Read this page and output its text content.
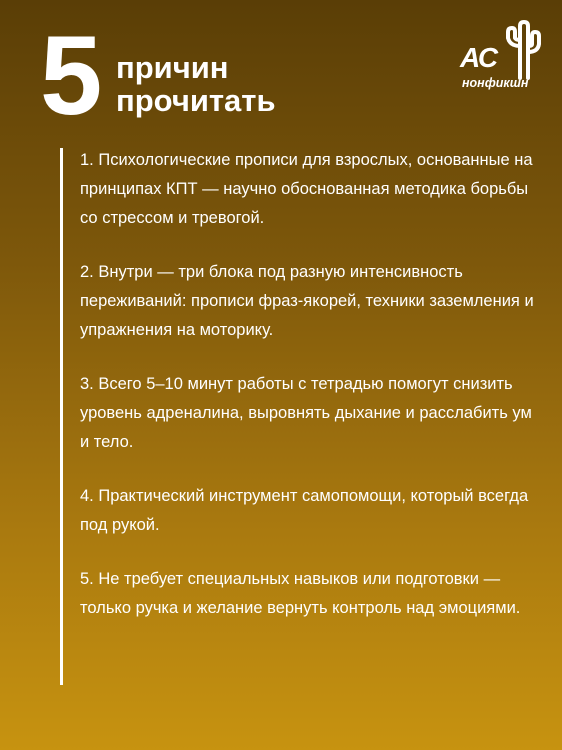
5 причин
прочитать
АС
нонфикшн

1. Психологические прописи для взрослых, основанные на принципах КПТ — научно обоснованная методика борьбы со стрессом и тревогой.

2. Внутри — три блока под разную интенсивность переживаний: прописи фраз-якорей, техники заземления и упражнения на моторику.

3. Всего 5–10 минут работы с тетрадью помогут снизить уровень адреналина, выровнять дыхание и расслабить ум и тело.

4. Практический инструмент самопомощи, который всегда под рукой.

5. Не требует специальных навыков или подготовки — только ручка и желание вернуть контроль над эмоциями.
